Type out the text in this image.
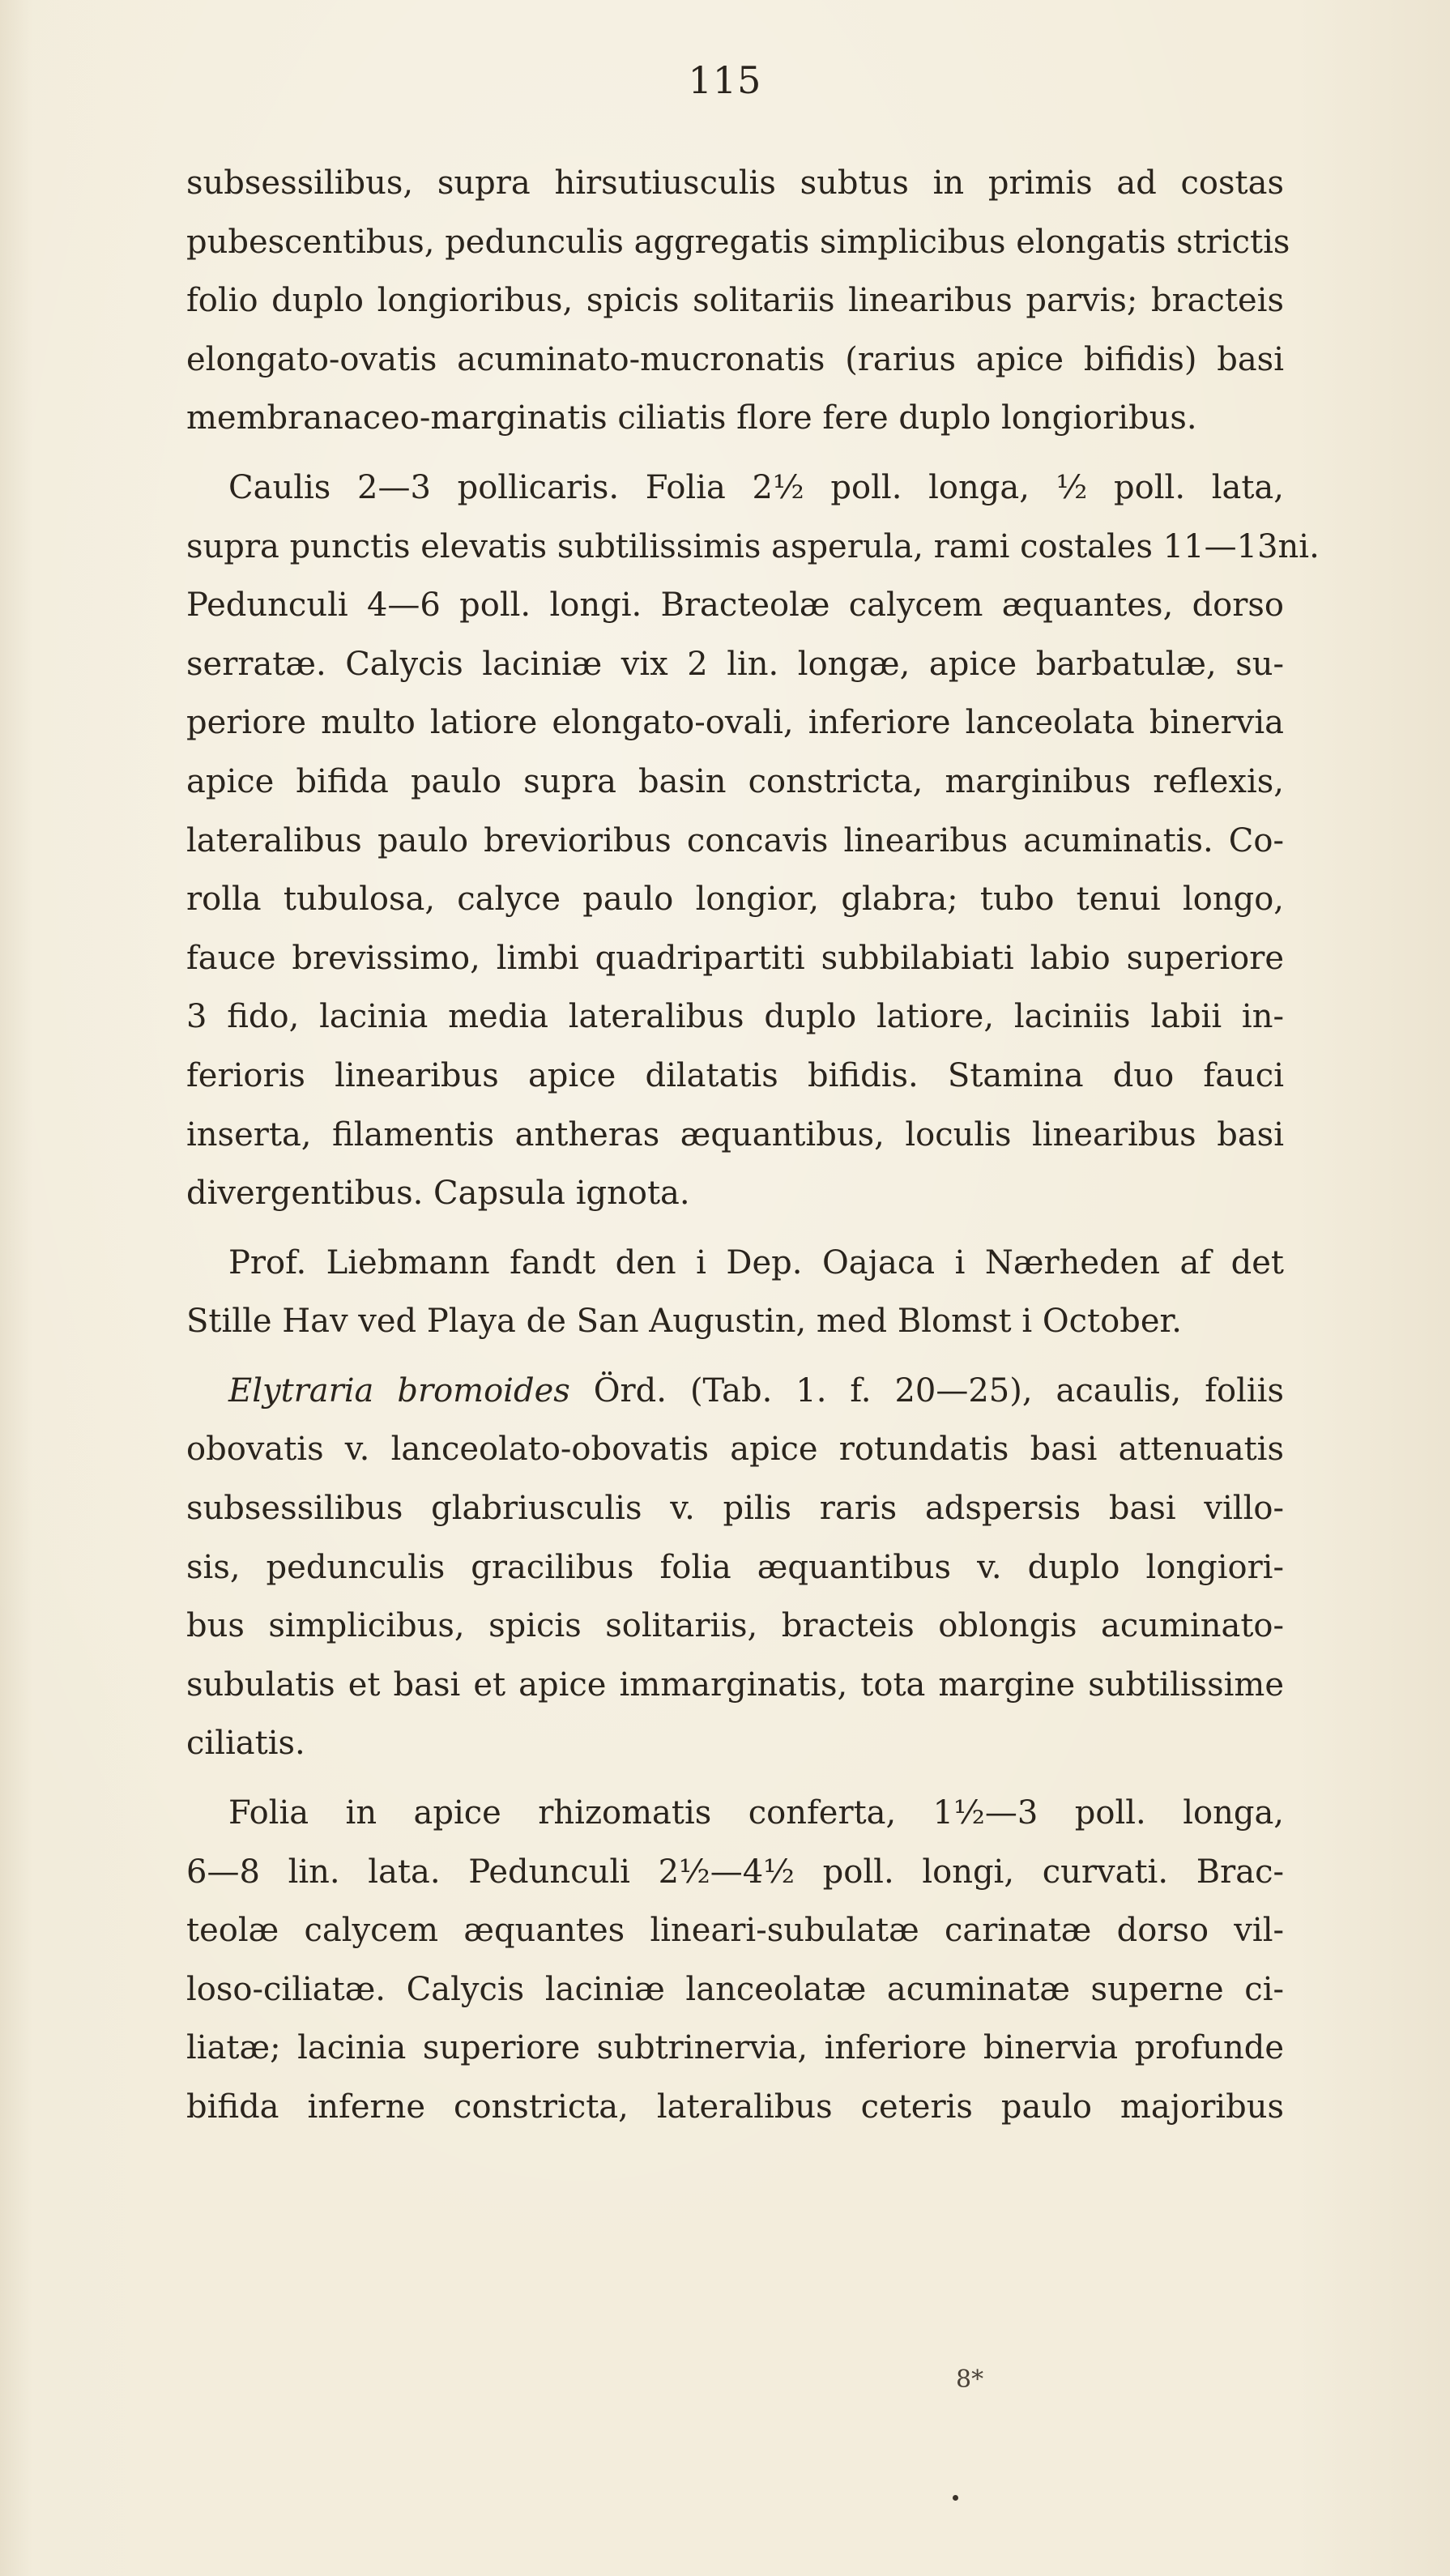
115
subsessilibus, supra hirsutiusculis subtus in primis ad costas
pubescentibus, pedunculis aggregatis simplicibus elongatis strictis
folio duplo longioribus, spicis solitariis linearibus parvis; bracteis
elongato-ovatis acuminato-mucronatis (rarius apice bifidis) basi
membranaceo-marginatis ciliatis flore fere duplo longioribus.
Caulis 2—3 pollicaris. Folia 2½ poll. longa, ½ poll. lata,
supra punctis elevatis subtilissimis asperula, rami costales 11—13ni.
Pedunculi 4—6 poll. longi. Bracteolæ calycem æquantes, dorso
serratæ. Calycis laciniæ vix 2 lin. longæ, apice barbatulæ, su-
periore multo latiore elongato-ovali, inferiore lanceolata binervia
apice bifida paulo supra basin constricta, marginibus reflexis,
lateralibus paulo brevioribus concavis linearibus acuminatis. Co-
rolla tubulosa, calyce paulo longior, glabra; tubo tenui longo,
fauce brevissimo, limbi quadripartiti subbilabiati labio superiore
3 fido, lacinia media lateralibus duplo latiore, laciniis labii in-
ferioris linearibus apice dilatatis bifidis. Stamina duo fauci
inserta, filamentis antheras æquantibus, loculis linearibus basi
divergentibus. Capsula ignota.
Prof. Liebmann fandt den i Dep. Oajaca i Nærheden af det
Stille Hav ved Playa de San Augustin, med Blomst i October.
Elytraria bromoides Örd. (Tab. 1. f. 20—25), acaulis, foliis
obovatis v. lanceolato-obovatis apice rotundatis basi attenuatis
subsessilibus glabriusculis v. pilis raris adspersis basi villo-
sis, pedunculis gracilibus folia æquantibus v. duplo longiori-
bus simplicibus, spicis solitariis, bracteis oblongis acuminato-
subulatis et basi et apice immarginatis, tota margine subtilissime
ciliatis.
Folia in apice rhizomatis conferta, 1½—3 poll. longa,
6—8 lin. lata. Pedunculi 2½—4½ poll. longi, curvati. Brac-
teolæ calycem æquantes lineari-subulatæ carinatæ dorso vil-
loso-ciliatæ. Calycis laciniæ lanceolatæ acuminatæ superne ci-
liatæ; lacinia superiore subtrinervia, inferiore binervia profunde
bifida inferne constricta, lateralibus ceteris paulo majoribus
8*
